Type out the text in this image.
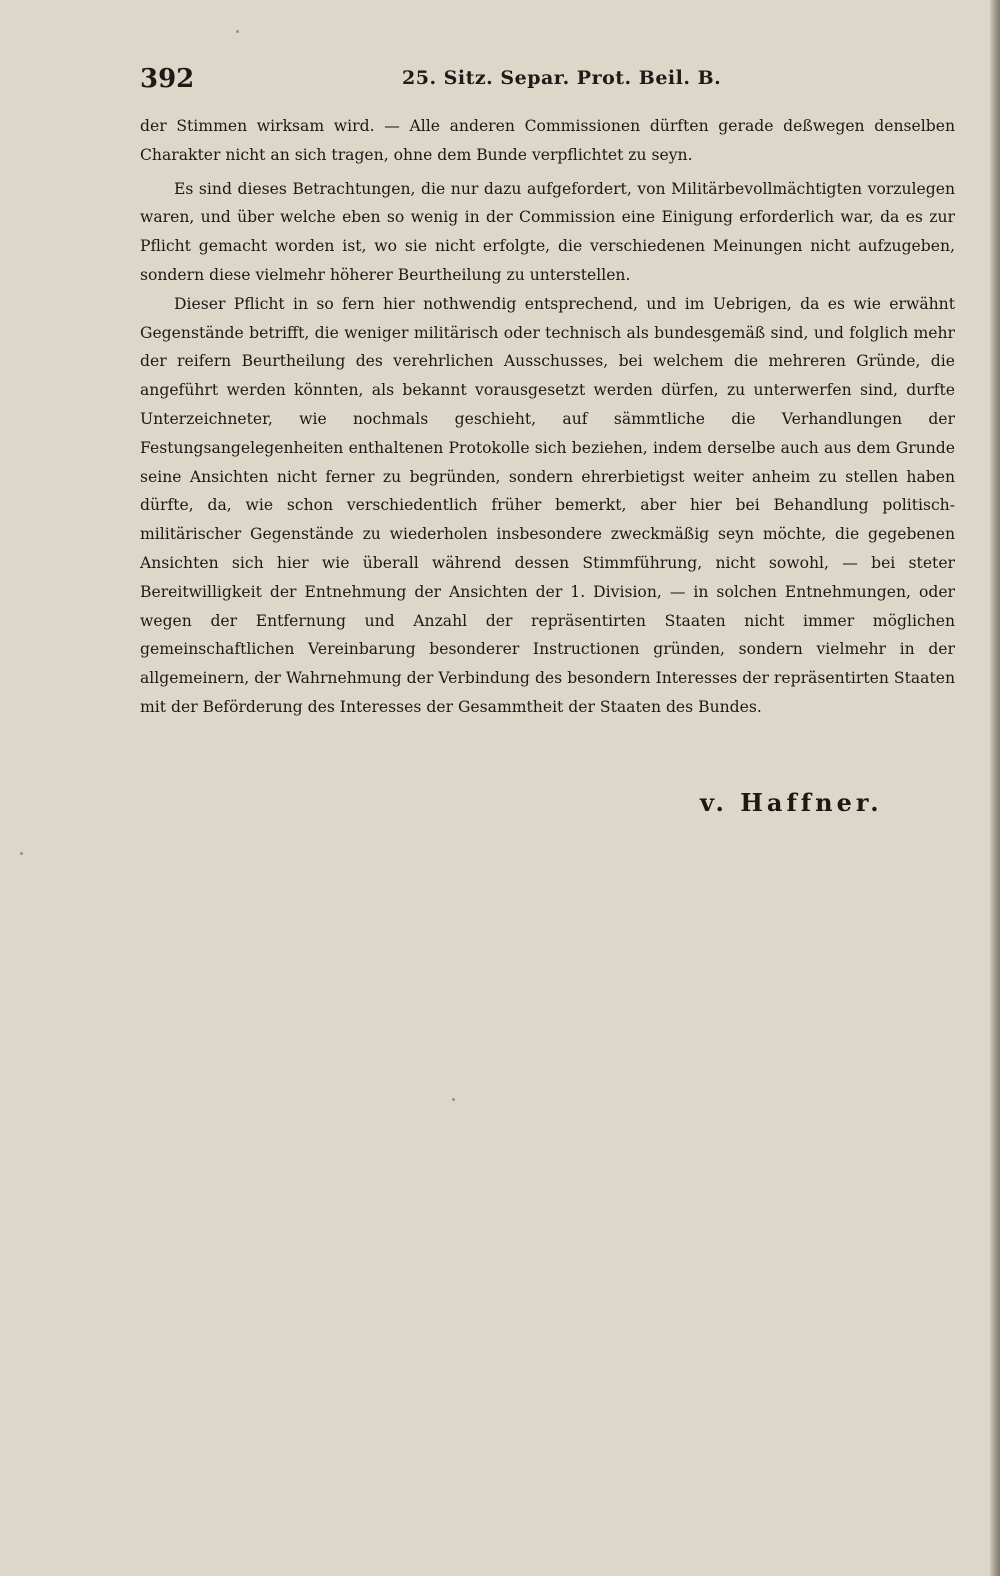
392	25. Sitz. Separ. Prot. Beil. B.

der Stimmen wirksam wird. — Alle anderen Commissionen dürften gerade deßwegen denselben Charakter nicht an sich tragen, ohne dem Bunde verpflichtet zu seyn.

Es sind dieses Betrachtungen, die nur dazu aufgefordert, von Militärbevollmächtigten vorzulegen waren, und über welche eben so wenig in der Commission eine Einigung erforderlich war, da es zur Pflicht gemacht worden ist, wo sie nicht erfolgte, die verschiedenen Meinungen nicht aufzugeben, sondern diese vielmehr höherer Beurtheilung zu unterstellen.

Dieser Pflicht in so fern hier nothwendig entsprechend, und im Uebrigen, da es wie erwähnt Gegenstände betrifft, die weniger militärisch oder technisch als bundesgemäß sind, und folglich mehr der reifern Beurtheilung des verehrlichen Ausschusses, bei welchem die mehreren Gründe, die angeführt werden könnten, als bekannt vorausgesetzt werden dürfen, zu unterwerfen sind, durfte Unterzeichneter, wie nochmals geschieht, auf sämmtliche die Verhandlungen der Festungsangelegenheiten enthaltenen Protokolle sich beziehen, indem derselbe auch aus dem Grunde seine Ansichten nicht ferner zu begründen, sondern ehrerbietigst weiter anheim zu stellen haben dürfte, da, wie schon verschiedentlich früher bemerkt, aber hier bei Behandlung politisch-militärischer Gegenstände zu wiederholen insbesondere zweckmäßig seyn möchte, die gegebenen Ansichten sich hier wie überall während dessen Stimmführung, nicht sowohl, — bei steter Bereitwilligkeit der Entnehmung der Ansichten der 1. Division, — in solchen Entnehmungen, oder wegen der Entfernung und Anzahl der repräsentirten Staaten nicht immer möglichen gemeinschaftlichen Vereinbarung besonderer Instructionen gründen, sondern vielmehr in der allgemeinern, der Wahrnehmung der Verbindung des besondern Interesses der repräsentirten Staaten mit der Beförderung des Interesses der Gesammtheit der Staaten des Bundes.

v. Haffner.
